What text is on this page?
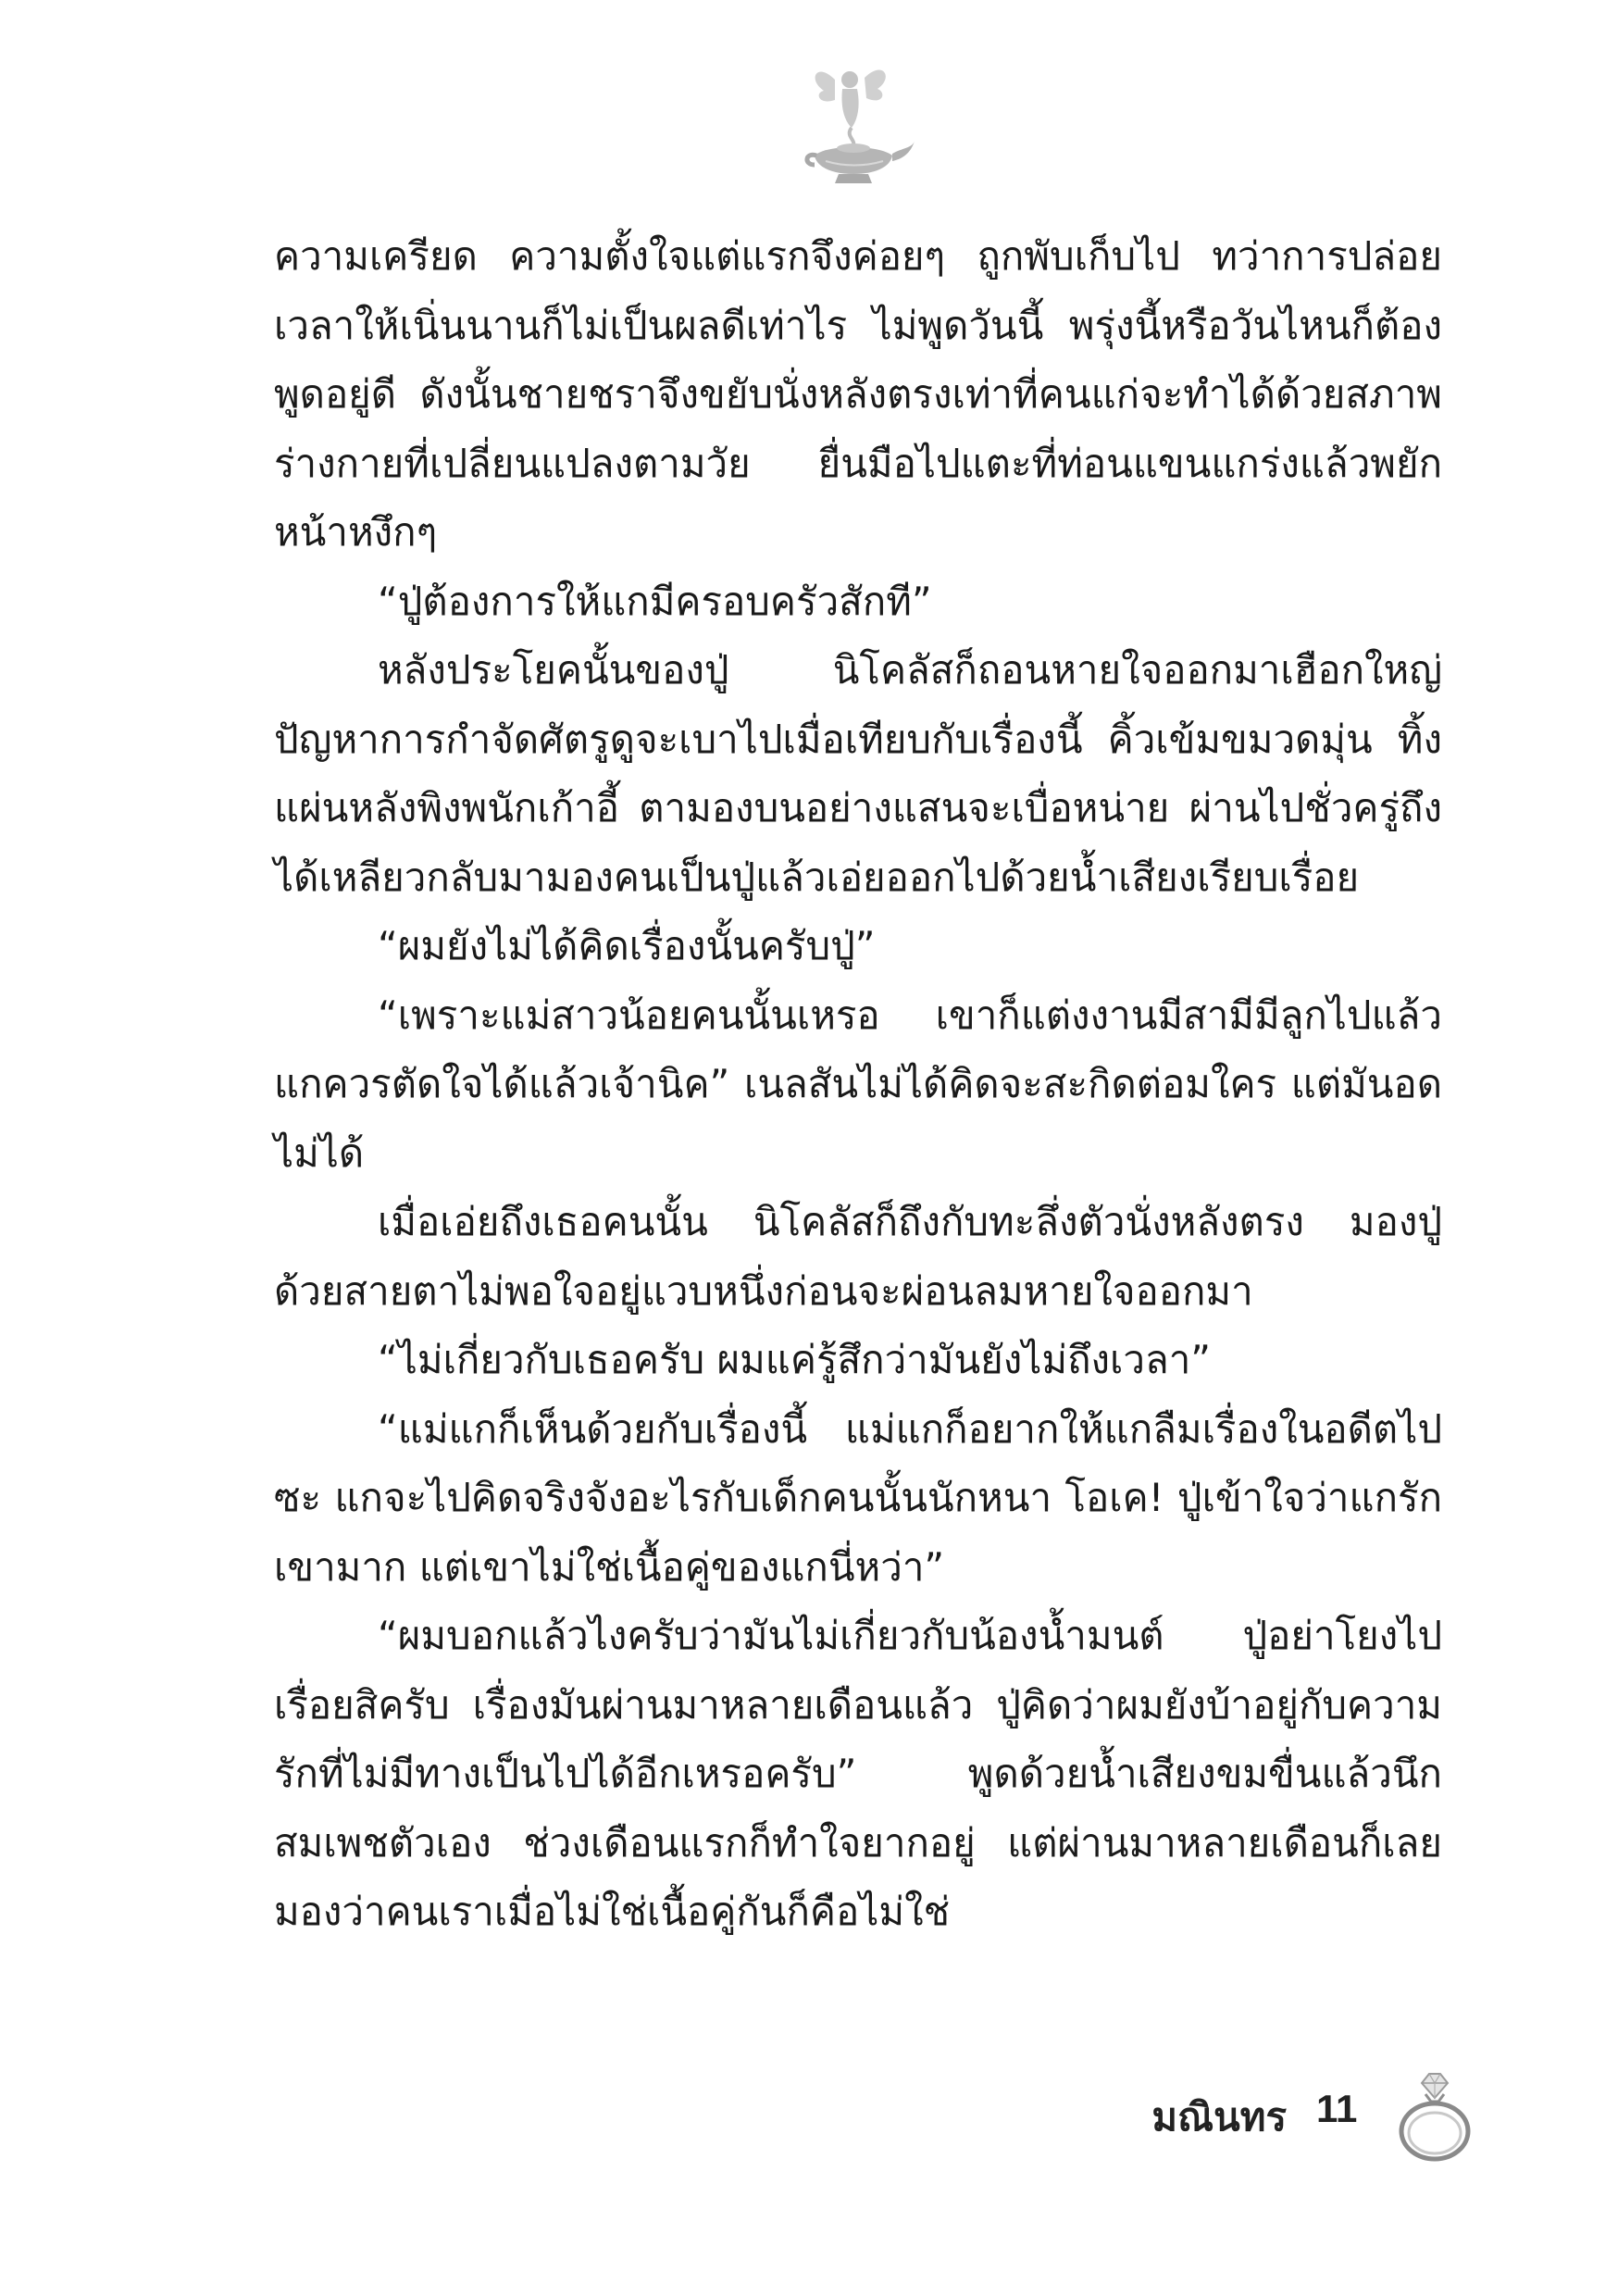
ความเครียด ความตั้งใจแต่แรกจึงค่อยๆ ถูกพับเก็บไป ทว่าการปล่อยเวลาให้เนิ่นนานก็ไม่เป็นผลดีเท่าไร ไม่พูดวันนี้ พรุ่งนี้หรือวันไหนก็ต้องพูดอยู่ดี ดังนั้นชายชราจึงขยับนั่งหลังตรงเท่าที่คนแก่จะทำได้ด้วยสภาพร่างกายที่เปลี่ยนแปลงตามวัย ยื่นมือไปแตะที่ท่อนแขนแกร่งแล้วพยักหน้าหงึกๆ

“ปู่ต้องการให้แกมีครอบครัวสักที”

หลังประโยคนั้นของปู่ นิโคลัสก็ถอนหายใจออกมาเฮือกใหญ่ ปัญหาการกำจัดศัตรูดูจะเบาไปเมื่อเทียบกับเรื่องนี้ คิ้วเข้มขมวดมุ่น ทิ้งแผ่นหลังพิงพนักเก้าอี้ ตามองบนอย่างแสนจะเบื่อหน่าย ผ่านไปชั่วครู่ถึงได้เหลียวกลับมามองคนเป็นปู่แล้วเอ่ยออกไปด้วยน้ำเสียงเรียบเรื่อย

“ผมยังไม่ได้คิดเรื่องนั้นครับปู่”

“เพราะแม่สาวน้อยคนนั้นเหรอ เขาก็แต่งงานมีสามีมีลูกไปแล้ว แกควรตัดใจได้แล้วเจ้านิค” เนลสันไม่ได้คิดจะสะกิดต่อมใคร แต่มันอดไม่ได้

เมื่อเอ่ยถึงเธอคนนั้น นิโคลัสก็ถึงกับทะลึ่งตัวนั่งหลังตรง มองปู่ด้วยสายตาไม่พอใจอยู่แวบหนึ่งก่อนจะผ่อนลมหายใจออกมา

“ไม่เกี่ยวกับเธอครับ ผมแค่รู้สึกว่ามันยังไม่ถึงเวลา”

“แม่แกก็เห็นด้วยกับเรื่องนี้ แม่แกก็อยากให้แกลืมเรื่องในอดีตไปซะ แกจะไปคิดจริงจังอะไรกับเด็กคนนั้นนักหนา โอเค! ปู่เข้าใจว่าแกรักเขามาก แต่เขาไม่ใช่เนื้อคู่ของแกนี่หว่า”

“ผมบอกแล้วไงครับว่ามันไม่เกี่ยวกับน้องน้ำมนต์ ปู่อย่าโยงไปเรื่อยสิครับ เรื่องมันผ่านมาหลายเดือนแล้ว ปู่คิดว่าผมยังบ้าอยู่กับความรักที่ไม่มีทางเป็นไปได้อีกเหรอครับ” พูดด้วยน้ำเสียงขมขื่นแล้วนึกสมเพชตัวเอง ช่วงเดือนแรกก็ทำใจยากอยู่ แต่ผ่านมาหลายเดือนก็เลยมองว่าคนเราเมื่อไม่ใช่เนื้อคู่กันก็คือไม่ใช่

มณินทร 11
